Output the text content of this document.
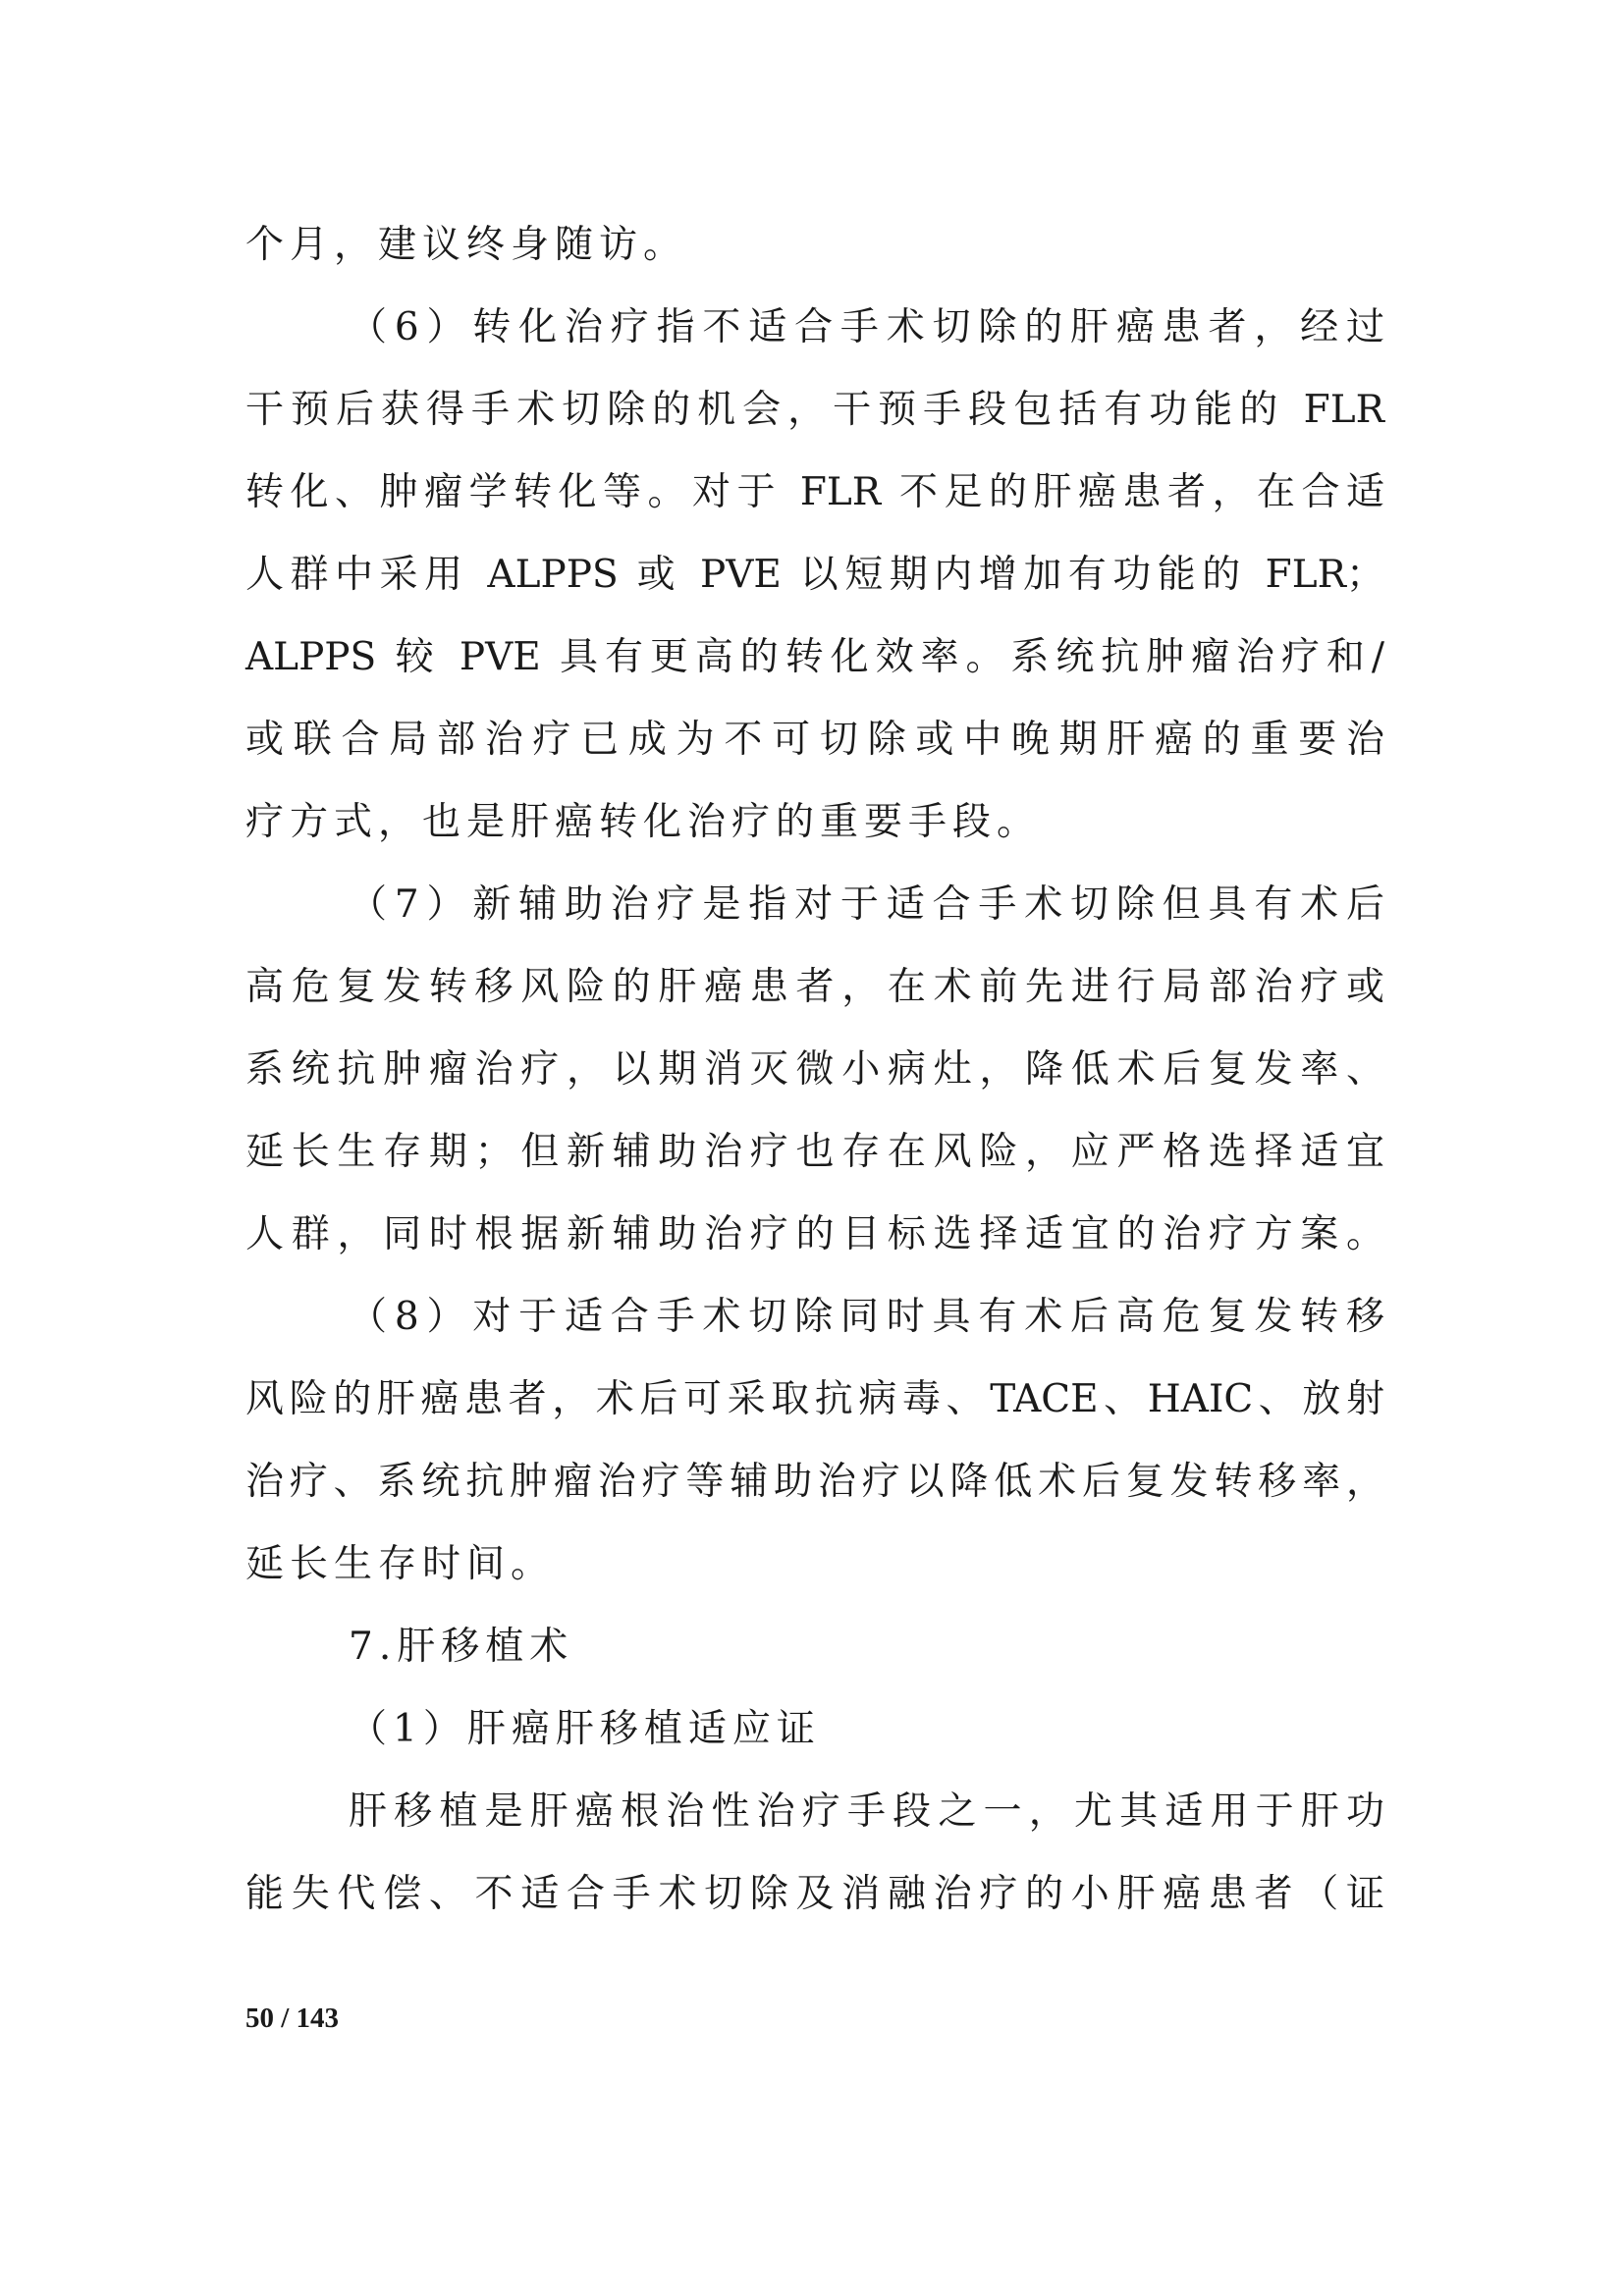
个月，建议终身随访。
（6）转化治疗指不适合手术切除的肝癌患者，经过
干预后获得手术切除的机会，干预手段包括有功能的 FLR
转化、肿瘤学转化等。对于 FLR 不足的肝癌患者，在合适
人群中采用 ALPPS 或 PVE 以短期内增加有功能的 FLR；
ALPPS 较 PVE 具有更高的转化效率。系统抗肿瘤治疗和/
或联合局部治疗已成为不可切除或中晚期肝癌的重要治
疗方式，也是肝癌转化治疗的重要手段。
（7）新辅助治疗是指对于适合手术切除但具有术后
高危复发转移风险的肝癌患者，在术前先进行局部治疗或
系统抗肿瘤治疗，以期消灭微小病灶，降低术后复发率、
延长生存期；但新辅助治疗也存在风险，应严格选择适宜
人群，同时根据新辅助治疗的目标选择适宜的治疗方案。
（8）对于适合手术切除同时具有术后高危复发转移
风险的肝癌患者，术后可采取抗病毒、TACE、HAIC、放射
治疗、系统抗肿瘤治疗等辅助治疗以降低术后复发转移率，
延长生存时间。
7.肝移植术
（1）肝癌肝移植适应证
肝移植是肝癌根治性治疗手段之一，尤其适用于肝功
能失代偿、不适合手术切除及消融治疗的小肝癌患者（证
50 / 143
